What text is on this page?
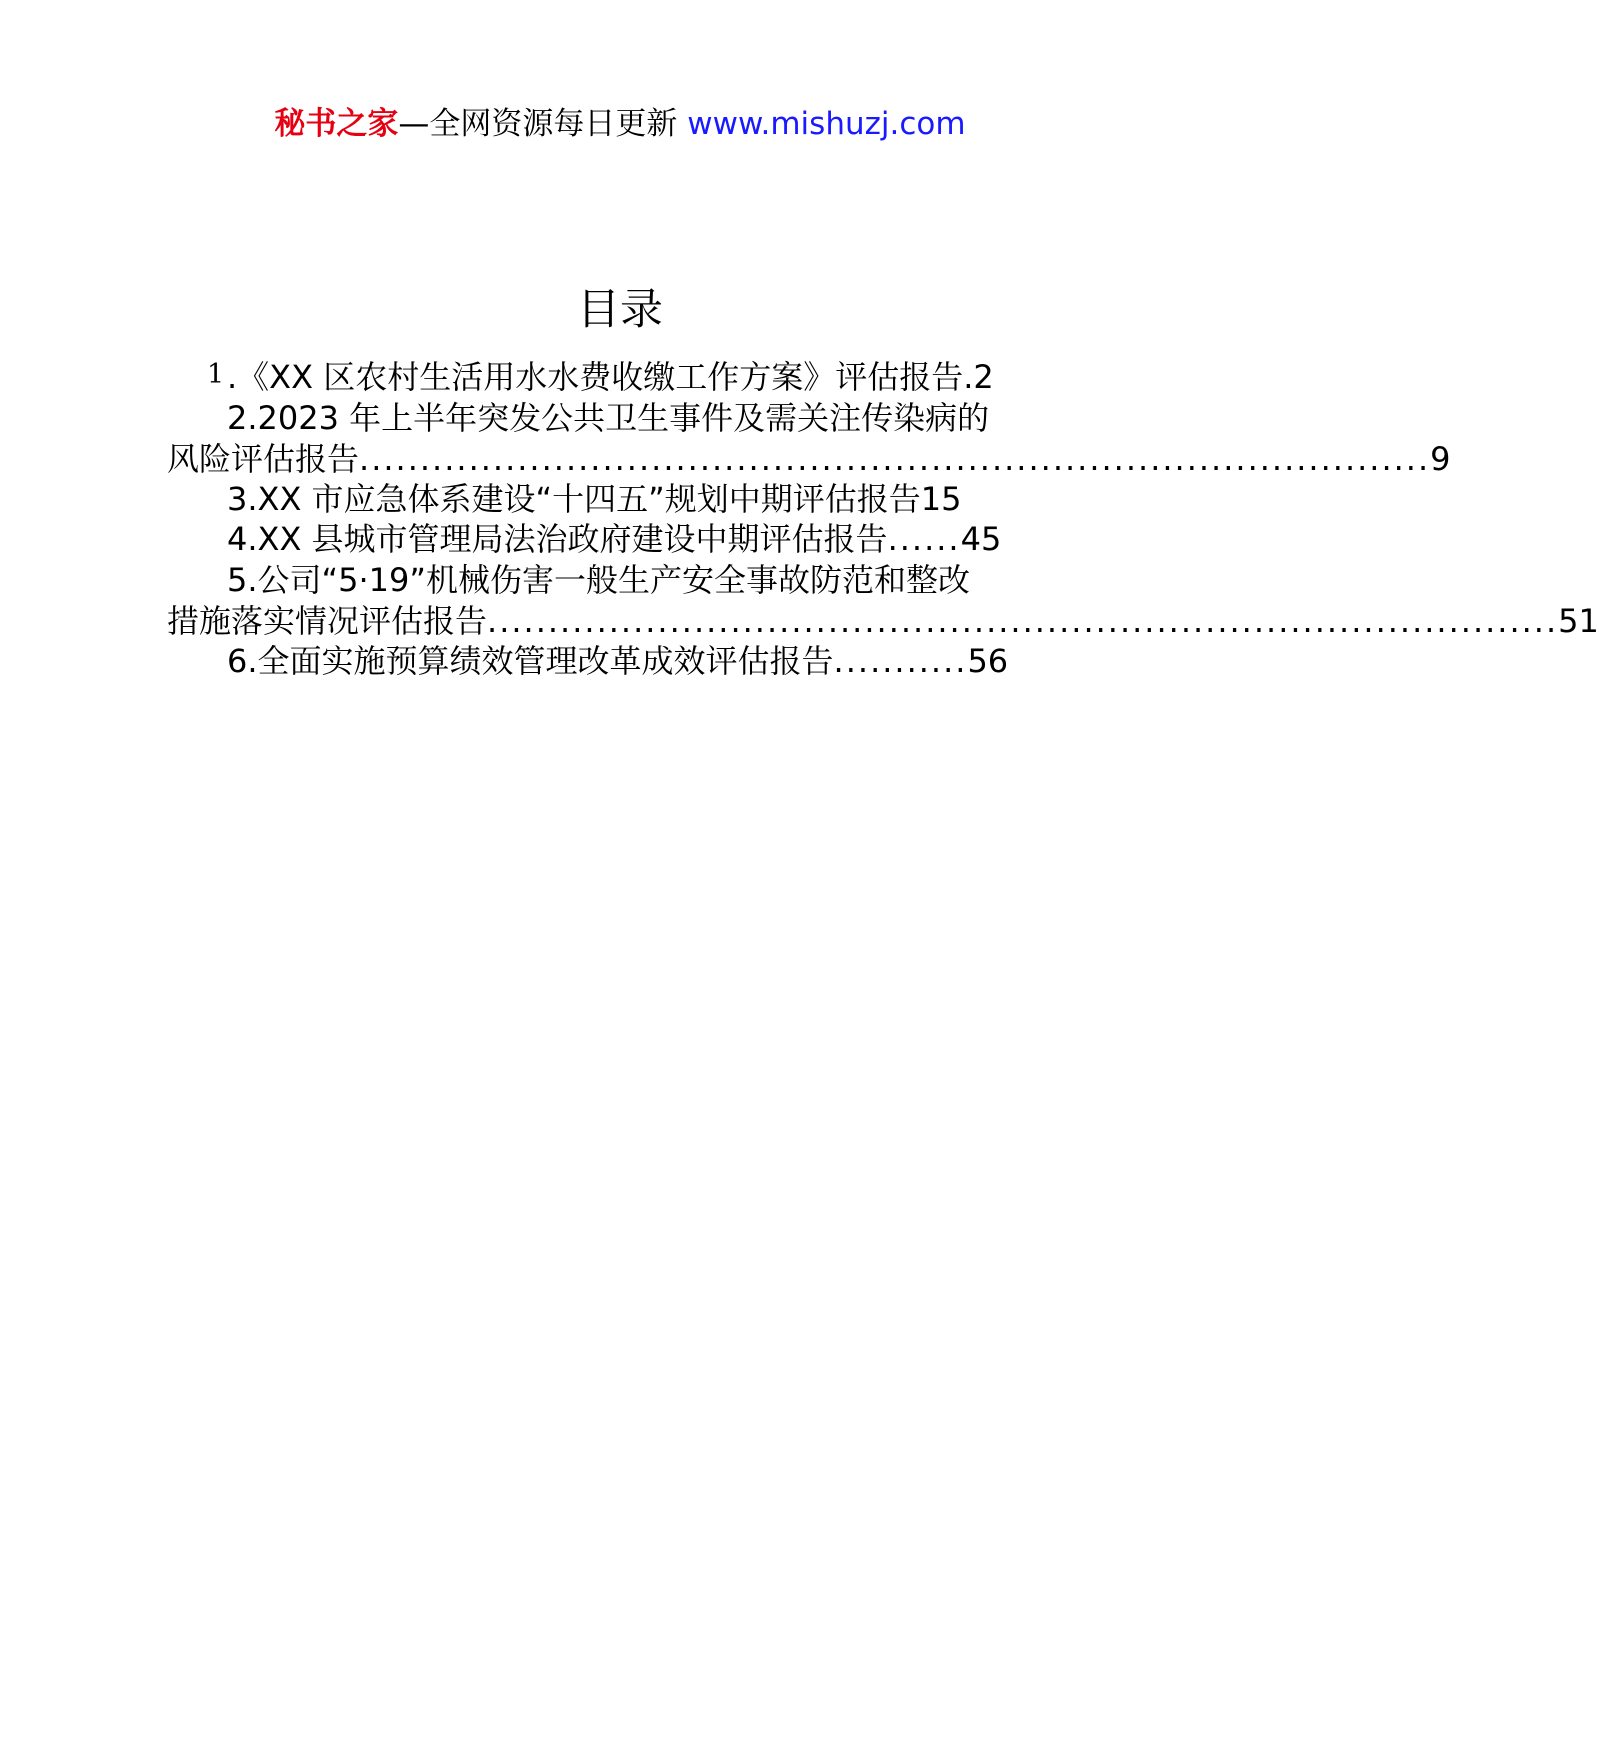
秘书之家—全网资源每日更新 www.mishuzj.com
目录
1 .《XX 区农村生活用水水费收缴工作方案》评估报告. 2
2.2023 年上半年突发公共卫生事件及需关注传染病的
风险评估报告 ........................................................................................ 9
3.XX 市应急体系建设“十四五”规划中期评估报告 15
4.XX 县城市管理局法治政府建设中期评估报告 ...... 45
5.公司“5·19”机械伤害一般生产安全事故防范和整改
措施落实情况评估报告 ........................................................................................ 51
6.全面实施预算绩效管理改革成效评估报告 ........... 56
